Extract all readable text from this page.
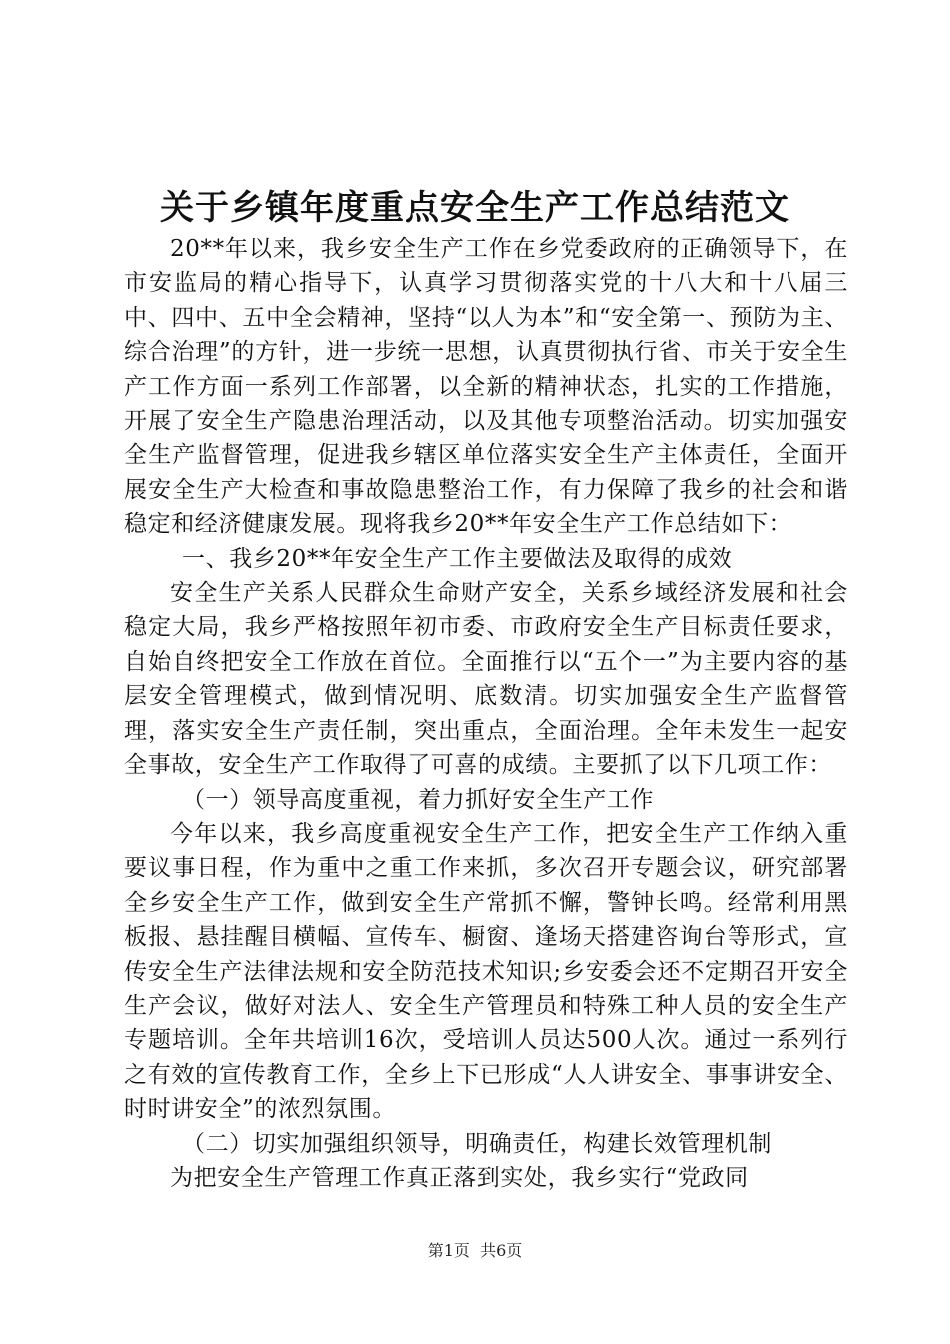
关于乡镇年度重点安全生产工作总结范文

20**年以来，我乡安全生产工作在乡党委政府的正确领导下，在市安监局的精心指导下，认真学习贯彻落实党的十八大和十八届三中、四中、五中全会精神，坚持“以人为本”和“安全第一、预防为主、综合治理”的方针，进一步统一思想，认真贯彻执行省、市关于安全生产工作方面一系列工作部署，以全新的精神状态，扎实的工作措施，开展了安全生产隐患治理活动，以及其他专项整治活动。切实加强安全生产监督管理，促进我乡辖区单位落实安全生产主体责任，全面开展安全生产大检查和事故隐患整治工作，有力保障了我乡的社会和谐稳定和经济健康发展。现将我乡20**年安全生产工作总结如下：

一、我乡20**年安全生产工作主要做法及取得的成效

安全生产关系人民群众生命财产安全，关系乡域经济发展和社会稳定大局，我乡严格按照年初市委、市政府安全生产目标责任要求，自始自终把安全工作放在首位。全面推行以“五个一”为主要内容的基层安全管理模式，做到情况明、底数清。切实加强安全生产监督管理，落实安全生产责任制，突出重点，全面治理。全年未发生一起安全事故，安全生产工作取得了可喜的成绩。主要抓了以下几项工作：

（一）领导高度重视，着力抓好安全生产工作

今年以来，我乡高度重视安全生产工作，把安全生产工作纳入重要议事日程，作为重中之重工作来抓，多次召开专题会议，研究部署全乡安全生产工作，做到安全生产常抓不懈，警钟长鸣。经常利用黑板报、悬挂醒目横幅、宣传车、橱窗、逢场天搭建咨询台等形式，宣传安全生产法律法规和安全防范技术知识;乡安委会还不定期召开安全生产会议，做好对法人、安全生产管理员和特殊工种人员的安全生产专题培训。全年共培训16次，受培训人员达500人次。通过一系列行之有效的宣传教育工作，全乡上下已形成“人人讲安全、事事讲安全、时时讲安全”的浓烈氛围。

（二）切实加强组织领导，明确责任，构建长效管理机制

为把安全生产管理工作真正落到实处，我乡实行“党政同

第1页 共6页
